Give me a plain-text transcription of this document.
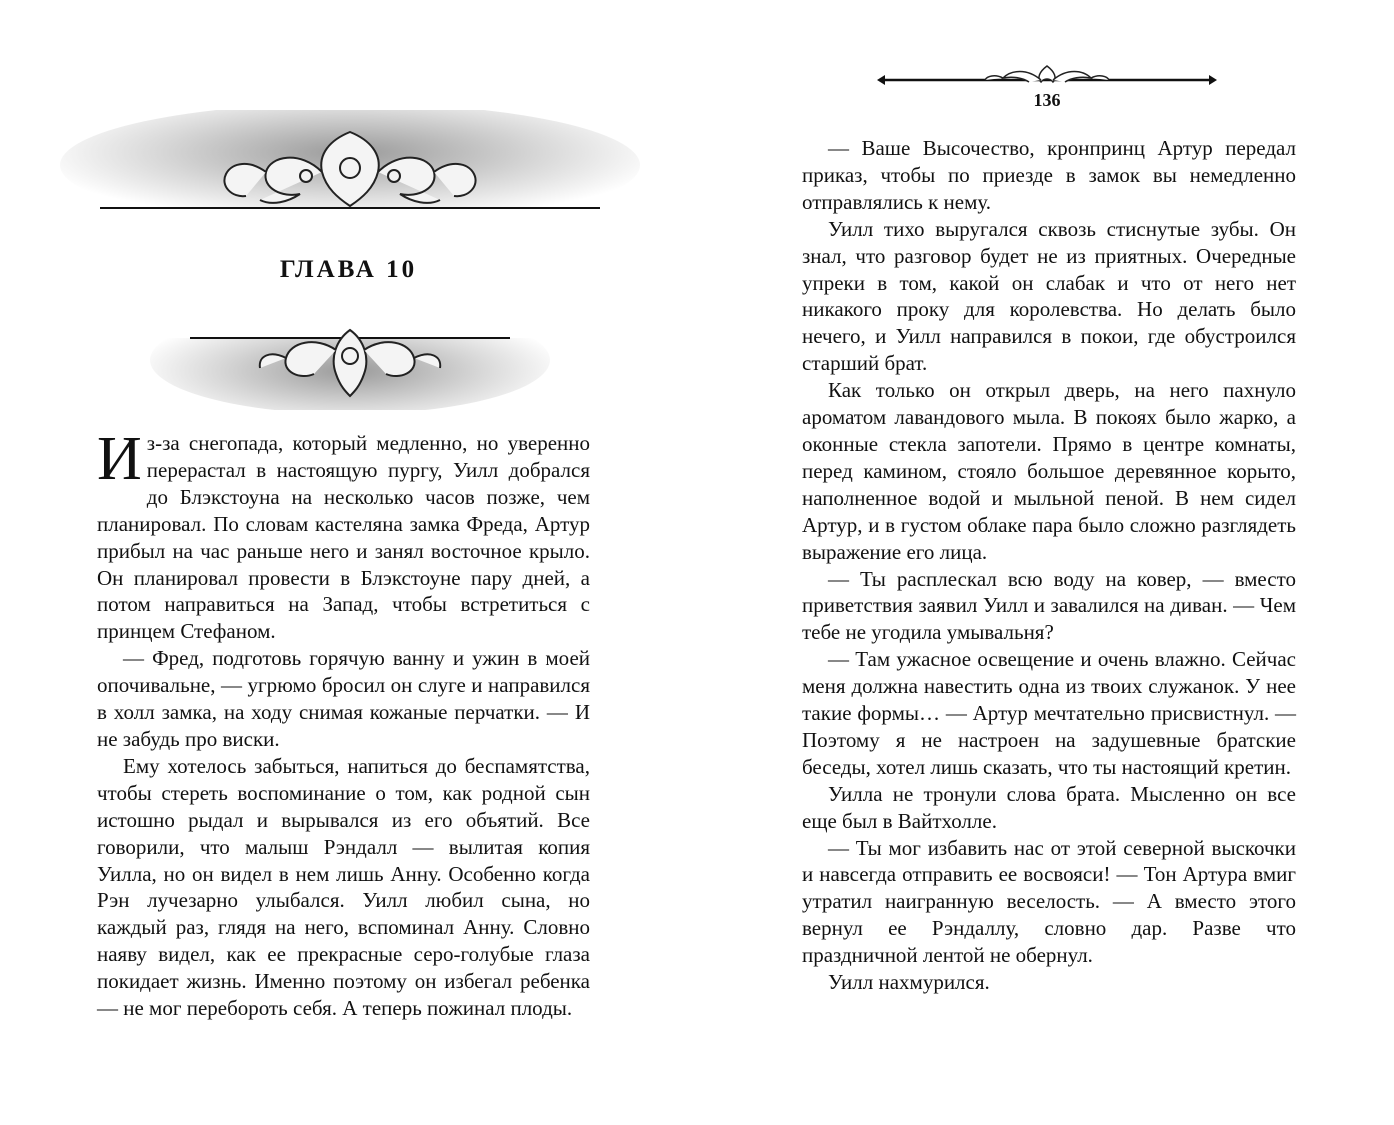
ГЛАВА 10

Из-за снегопада, который медленно, но уверенно перерастал в настоящую пургу, Уилл добрался до Блэкстоуна на несколько часов позже, чем планировал. По словам кастеляна замка Фреда, Артур прибыл на час раньше него и занял восточное крыло. Он планировал провести в Блэкстоуне пару дней, а потом направиться на Запад, чтобы встретиться с принцем Стефаном.

— Фред, подготовь горячую ванну и ужин в моей опочивальне, — угрюмо бросил он слуге и направился в холл замка, на ходу снимая кожаные перчатки. — И не забудь про виски.

Ему хотелось забыться, напиться до беспамятства, чтобы стереть воспоминание о том, как родной сын истошно рыдал и вырывался из его объятий. Все говорили, что малыш Рэндалл — вылитая копия Уилла, но он видел в нем лишь Анну. Особенно когда Рэн лучезарно улыбался. Уилл любил сына, но каждый раз, глядя на него, вспоминал Анну. Словно наяву видел, как ее прекрасные серо-голубые глаза покидает жизнь. Именно поэтому он избегал ребенка — не мог перебороть себя. А теперь пожинал плоды.

136

— Ваше Высочество, кронпринц Артур передал приказ, чтобы по приезде в замок вы немедленно отправлялись к нему.

Уилл тихо выругался сквозь стиснутые зубы. Он знал, что разговор будет не из приятных. Очередные упреки в том, какой он слабак и что от него нет никакого проку для королевства. Но делать было нечего, и Уилл направился в покои, где обустроился старший брат.

Как только он открыл дверь, на него пахнуло ароматом лавандового мыла. В покоях было жарко, а оконные стекла запотели. Прямо в центре комнаты, перед камином, стояло большое деревянное корыто, наполненное водой и мыльной пеной. В нем сидел Артур, и в густом облаке пара было сложно разглядеть выражение его лица.

— Ты расплескал всю воду на ковер, — вместо приветствия заявил Уилл и завалился на диван. — Чем тебе не угодила умывальня?

— Там ужасное освещение и очень влажно. Сейчас меня должна навестить одна из твоих служанок. У нее такие формы… — Артур мечтательно присвистнул. — Поэтому я не настроен на задушевные братские беседы, хотел лишь сказать, что ты настоящий кретин.

Уилла не тронули слова брата. Мысленно он все еще был в Вайтхолле.

— Ты мог избавить нас от этой северной выскочки и навсегда отправить ее восвояси! — Тон Артура вмиг утратил наигранную веселость. — А вместо этого вернул ее Рэндаллу, словно дар. Разве что праздничной лентой не обернул.

Уилл нахмурился.
